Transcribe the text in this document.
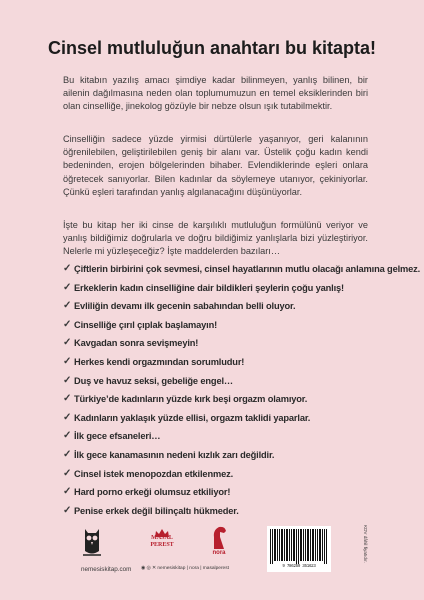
Cinsel mutluluğun anahtarı bu kitapta!
Bu kitabın yazılış amacı şimdiye kadar bilinmeyen, yanlış bilinen, bir ailenin dağılmasına neden olan toplumumuzun en temel eksiklerinden biri olan cinselliğe, jinekolog gözüyle bir nebze olsun ışık tutabilmektir.
Cinselliğin sadece yüzde yirmisi dürtülerle yaşanıyor, geri kalanının öğrenilebilen, geliştirilebilen geniş bir alanı var. Üstelik çoğu kadın kendi bedeninden, erojen bölgelerinden bihaber. Evlendiklerinde eşleri onlara öğretecek sanıyorlar. Bilen kadınlar da söylemeye utanıyor, çekiniyorlar. Çünkü eşleri tarafından yanlış algılanacağını düşünüyorlar.
İşte bu kitap her iki cinse de karşılıklı mutluluğun formülünü veriyor ve yanlış bildiğimiz doğrularla ve doğru bildiğimiz yanlışlarla bizi yüzleştiriyor. Nelerle mi yüzleşeceğiz? İşte maddelerden bazıları…
✓ Çiftlerin birbirini çok sevmesi, cinsel hayatlarının mutlu olacağı anlamına gelmez.
✓ Erkeklerin kadın cinselliğine dair bildikleri şeylerin çoğu yanlış!
✓ Evliliğin devamı ilk gecenin sabahından belli oluyor.
✓ Cinselliğe çırıl çıplak başlamayın!
✓ Kavgadan sonra sevişmeyin!
✓ Herkes kendi orgazmından sorumludur!
✓ Duş ve havuz seksi, gebeliğe engel…
✓ Türkiye’de kadınların yüzde kırk beşi orgazm olamıyor.
✓ Kadınların yaklaşık yüzde ellisi, orgazm taklidi yaparlar.
✓ İlk gece efsaneleri…
✓ İlk gece kanamasının nedeni kızlık zarı değildir.
✓ Cinsel istek menopozdan etkilenmez.
✓ Hard porno erkeği olumsuz etkiliyor!
✓ Penise erkek değil bilinçaltı hükmeder.
MASAL
PEREST
nora
nemesiskitap.com ◉ ◎ ✕ nemesiskitap | nora | masalperest	9 786259 351623
KDV dâhil fiyatıdır.
